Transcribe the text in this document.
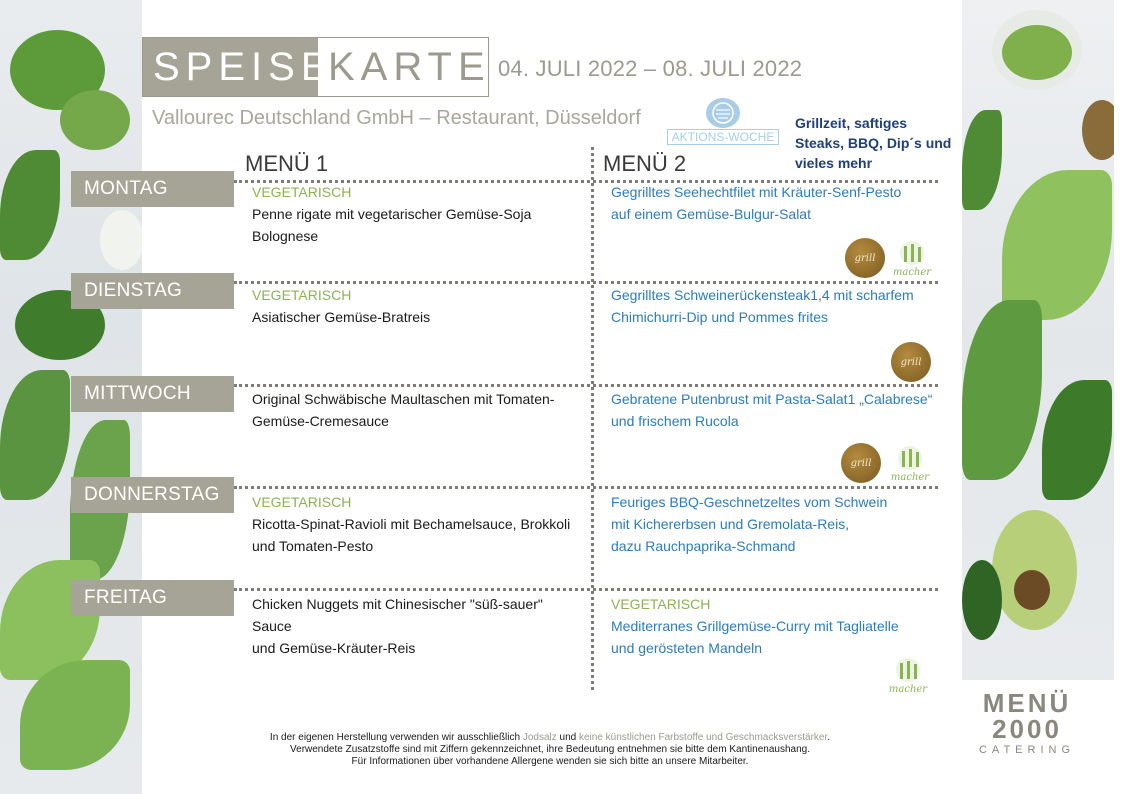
SPEISE
KARTE 04. JULI 2022 – 08. JULI 2022
Vallourec Deutschland GmbH – Restaurant, Düsseldorf
AKTIONS-WOCHE
Grillzeit, saftiges Steaks, BBQ, Dip´s und vieles mehr
MENÜ 1	MENÜ 2
MONTAG
DIENSTAG
MITTWOCH
DONNERSTAG
FREITAG
VEGETARISCH
Penne rigate mit vegetarischer Gemüse-Soja
Bolognese
Gegrilltes Seehechtfilet mit Kräuter-Senf-Pesto
auf einem Gemüse-Bulgur-Salat
VEGETARISCH
Asiatischer Gemüse-Bratreis
Gegrilltes Schweinerückensteak1,4 mit scharfem
Chimichurri-Dip und Pommes frites
Original Schwäbische Maultaschen mit Tomaten-
Gemüse-Cremesauce
Gebratene Putenbrust mit Pasta-Salat1 „Calabrese“
und frischem Rucola
VEGETARISCH
Ricotta-Spinat-Ravioli mit Bechamelsauce, Brokkoli
und Tomaten-Pesto
Feuriges BBQ-Geschnetzeltes vom Schwein
mit Kichererbsen und Gremolata-Reis,
dazu Rauchpaprika-Schmand
Chicken Nuggets mit Chinesischer "süß-sauer" Sauce
und Gemüse-Kräuter-Reis
VEGETARISCH
Mediterranes Grillgemüse-Curry mit Tagliatelle
und gerösteten Mandeln
grill
macher
grill
grill
macher
macher
In der eigenen Herstellung verwenden wir ausschließlich Jodsalz und keine künstlichen Farbstoffe und Geschmacksverstärker.
Verwendete Zusatzstoffe sind mit Ziffern gekennzeichnet, ihre Bedeutung entnehmen sie bitte dem Kantinenaushang.
Für Informationen über vorhandene Allergene wenden sie sich bitte an unsere Mitarbeiter.
MENÜ
2000
CATERING
